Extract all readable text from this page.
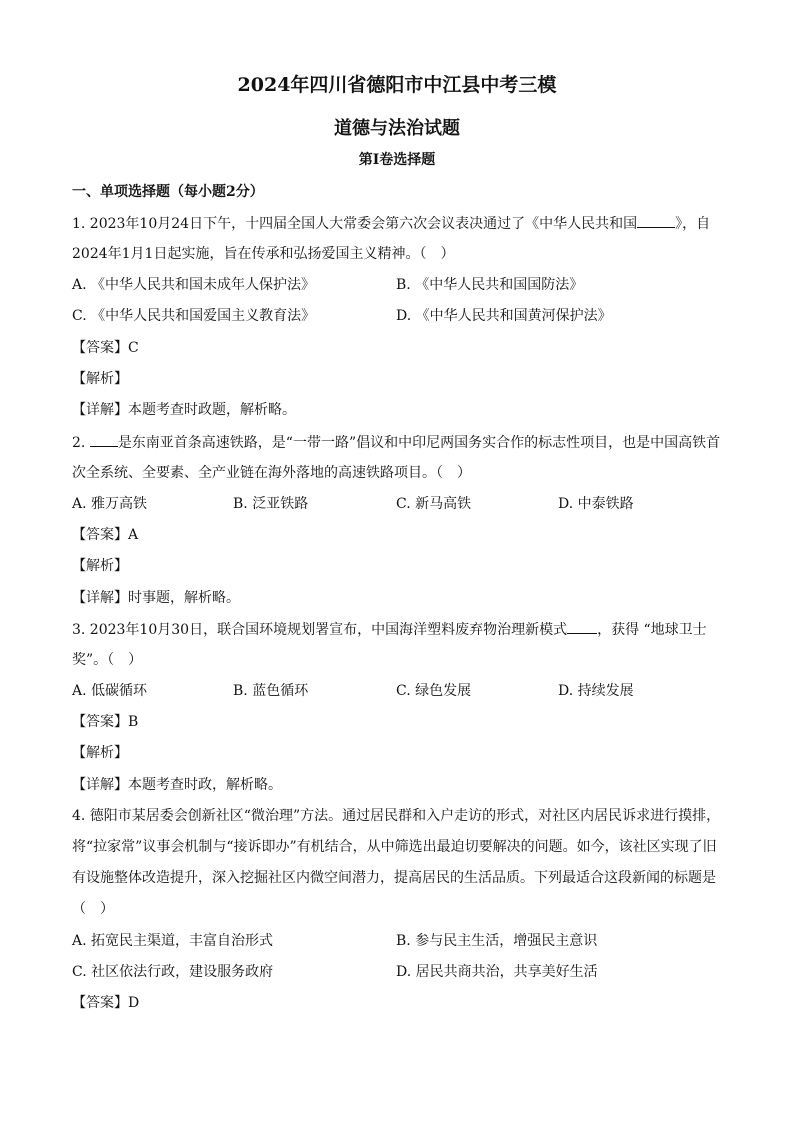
2024年四川省德阳市中江县中考三模
道德与法治试题
第I卷选择题
一、单项选择题（每小题2分）
1. 2023年10月24日下午，十四届全国人大常委会第六次会议表决通过了《中华人民共和国	》，自
2024年1月1日起实施，旨在传承和弘扬爱国主义精神。（　）
A. 《中华人民共和国未成年人保护法》	B. 《中华人民共和国国防法》
C. 《中华人民共和国爱国主义教育法》	D. 《中华人民共和国黄河保护法》
【答案】C
【解析】
【详解】本题考查时政题，解析略。
2. 是东南亚首条高速铁路，是“一带一路”倡议和中印尼两国务实合作的标志性项目，也是中国高铁首
次全系统、全要素、全产业链在海外落地的高速铁路项目。（　）
A. 雅万高铁	B. 泛亚铁路	C. 新马高铁	D. 中泰铁路
【答案】A
【解析】
【详解】时事题，解析略。
3. 2023年10月30日，联合国环境规划署宣布，中国海洋塑料废弃物治理新模式 ，获得 “地球卫士
奖”。（　）
A. 低碳循环	B. 蓝色循环	C. 绿色发展	D. 持续发展
【答案】B
【解析】
【详解】本题考查时政，解析略。
4. 德阳市某居委会创新社区“微治理”方法。通过居民群和入户走访的形式，对社区内居民诉求进行摸排，
将“拉家常”议事会机制与“接诉即办”有机结合，从中筛选出最迫切要解决的问题。如今，该社区实现了旧
有设施整体改造提升，深入挖掘社区内微空间潜力，提高居民的生活品质。下列最适合这段新闻的标题是
（　）
A. 拓宽民主渠道，丰富自治形式	B. 参与民主生活，增强民主意识
C. 社区依法行政，建设服务政府	D. 居民共商共治，共享美好生活
【答案】D
